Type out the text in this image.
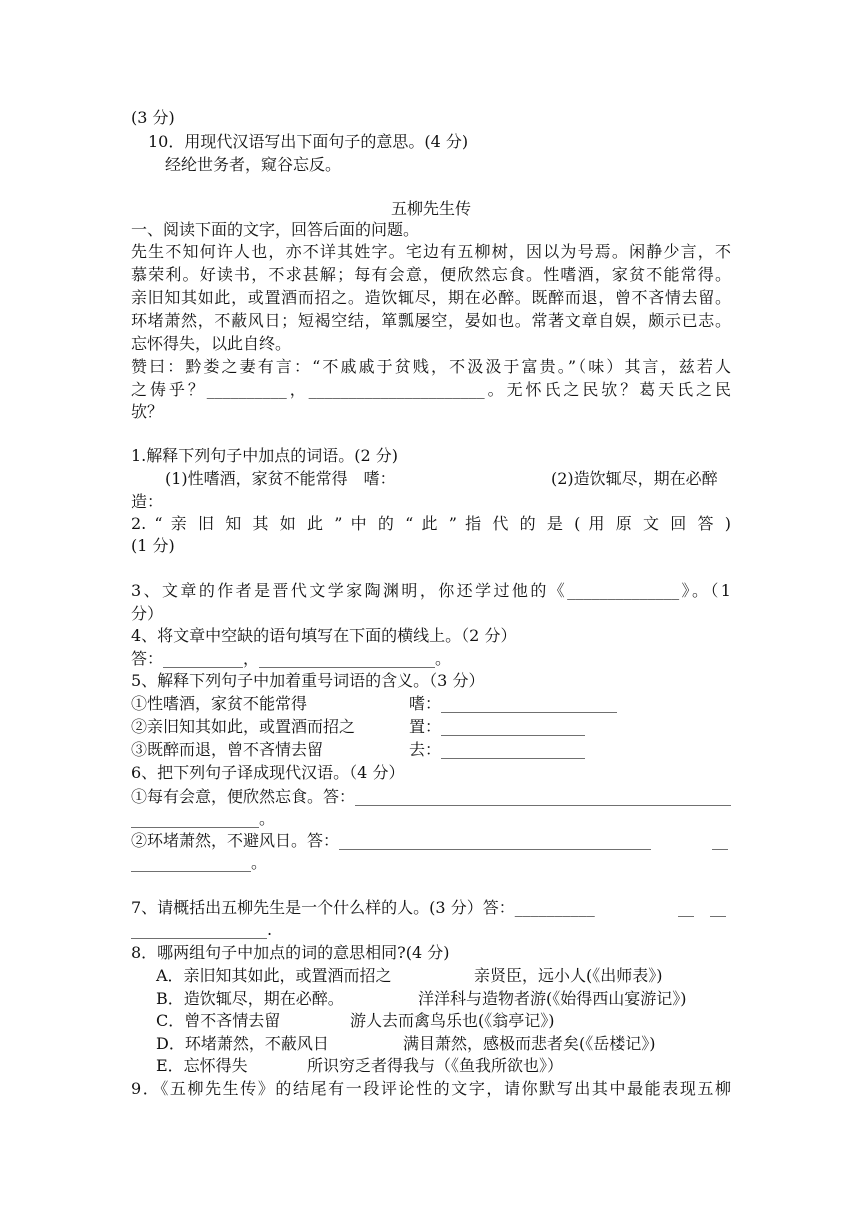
(3 分)
10．用现代汉语写出下面句子的意思。(4 分)
经纶世务者，窥谷忘反。
五柳先生传
一、阅读下面的文字，回答后面的问题。
先生不知何许人也，亦不详其姓字。宅边有五柳树，因以为号焉。闲静少言，不
慕荣利。好读书，不求甚解；每有会意，便欣然忘食。性嗜酒，家贫不能常得。
亲旧知其如此，或置酒而招之。造饮辄尽，期在必醉。既醉而退，曾不吝情去留。
环堵萧然，不蔽风日；短褐空结，箪瓢屡空，晏如也。常著文章自娱，颇示已志。
忘怀得失，以此自终。
赞曰：黔娄之妻有言：“不戚戚于贫贱，不汲汲于富贵。”（味）其言，兹若人
之俦乎？__________，______________________。无怀氏之民欤？葛天氏之民
欤？
1.解释下列句子中加点的词语。(2 分)
(1)性嗜酒，家贫不能常得　嗜：	(2)造饮辄尽，期在必醉
造：
2. “ 亲 旧 知 其 如 此 ” 中 的 “ 此 ” 指 代 的 是 ( 用 原 文 回 答 )
(1 分)
3、文章的作者是晋代文学家陶渊明，你还学过他的《______________》。（1
分）
4、将文章中空缺的语句填写在下面的横线上。（2 分）
答：__________，______________________。
5、解释下列句子中加着重号词语的含义。（3 分）
①性嗜酒，家贫不能常得	嗜：______________________
②亲旧知其如此，或置酒而招之	置：__________________
③既醉而退，曾不吝情去留	去：__________________
6、把下列句子译成现代汉语。（4 分）
①每有会意，便欣然忘食。答：_______________________________________________
________________。
②环堵萧然，不避风日。答：_______________________________________	__
_______________。
7、请概括出五柳先生是一个什么样的人。(3 分）答：__________	__　__
_________________.
8．哪两组句子中加点的词的意思相同?(4 分)
A．亲旧知其如此，或置酒而招之	亲贤臣，远小人(《出师表》)
B．造饮辄尽，期在必醉。	洋洋科与造物者游(《始得西山宴游记》)
C．曾不吝情去留	游人去而禽鸟乐也(《翁亭记》)
D．环堵萧然，不蔽风日	满目萧然，感极而悲者矣(《岳楼记》)
E．忘怀得失	所识穷乏者得我与（《鱼我所欲也》）
9．《五柳先生传》的结尾有一段评论性的文字，请你默写出其中最能表现五柳
